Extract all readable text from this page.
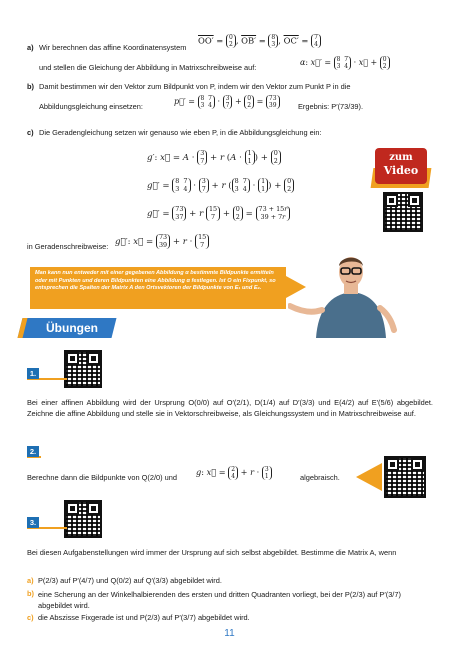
a) Wir berechnen das affine Koordinatensystem
OO′ = 0
2 , OB′ = 8
3 , OC′ = 7
4
und stellen die Gleichung der Abbildung in Matrixschreibweise auf:
α: x⃗′ = 8  7
3  4 · x⃗ + 0
2
b) Damit bestimmen wir den Vektor zum Bildpunkt von P, indem wir den Vektor zum Punkt P in die
Abbildungsgleichung einsetzen:
p⃗′ = 8  7
3  4 · 3
7 + 0
2 = 73
39	Ergebnis: P′(73/39).
c) Die Geradengleichung setzen wir genauso wie eben P, in die Abbildungsgleichung ein:
g′: x⃗ = A · 3
7 + r (A · 1
1 ) + 0
2
g⃗′ = 8  7
3  4 · 3
7 + r ( 8  7
3  4 · 1
1 ) + 0
2
g⃗′ = 73
37 + r 15
7 + 0
2 = 73 + 15r
39 + 7r
in Geradenschreibweise: g⃗′: x⃗ = 73
39 + r · 15
7
zum
Video
Man kann nun entweder mit einer gegebenen Abbildung α bestimmte Bildpunkte ermitteln oder mit Punkten und deren Bildpunkten eine Abbildung α festlegen. Ist O ein Fixpunkt, so entsprechen die Spalten der Matrix A den Ortsvektoren der Bildpunkte von E₁ und E₂.
Übungen
1.
Bei einer affinen Abbildung wird der Ursprung O(0/0) auf O′(2/1), D(1/4) auf D′(3/3) und E(4/2) auf E′(5/6) abgebildet. Zeichne die affine Abbildung und stelle sie in Vektorschreibweise, als Gleichungssystem und in Matrixschreibweise auf.
2.
Berechne dann die Bildpunkte von Q(2/0) und
g: x⃗ = 2
4 + r · 3
1	algebraisch.
3.
Bei diesen Aufgabenstellungen wird immer der Ursprung auf sich selbst abgebildet. Bestimme die Matrix A, wenn
a) P(2/3) auf P′(4/7) und Q(0/2) auf Q′(3/3) abgebildet wird.
b) eine Scherung an der Winkelhalbierenden des ersten und dritten Quadranten vorliegt, bei der P(2/3) auf P′(3/7) abgebildet wird.
c) die Abszisse Fixgerade ist und P(2/3) auf P′(3/7) abgebildet wird.
11
